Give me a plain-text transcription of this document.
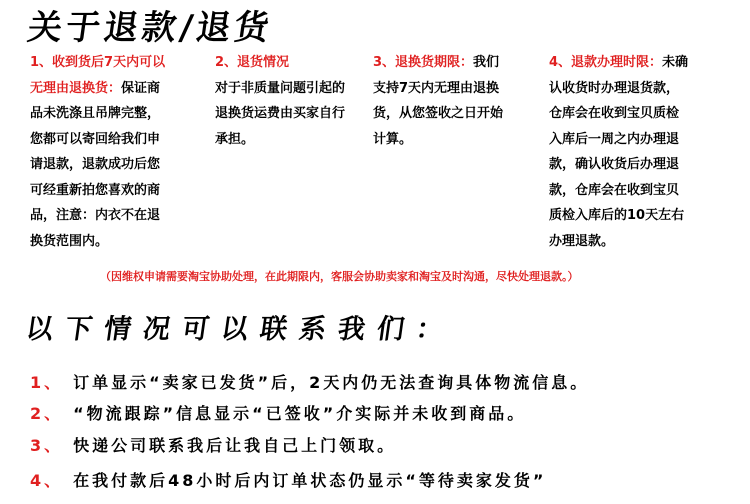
关于退款/退货
1、收到货后7天内可以无理由退换货：保证商品未洗涤且吊牌完整，您都可以寄回给我们申请退款，退款成功后您可经重新拍您喜欢的商品，注意：内衣不在退换货范围内。
2、退货情况
对于非质量问题引起的退换货运费由买家自行承担。
3、退换货期限：我们支持7天内无理由退换货，从您签收之日开始计算。
4、退款办理时限：未确认收货时办理退货款，仓库会在收到宝贝质检入库后一周之内办理退款，确认收货后办理退款，仓库会在收到宝贝质检入库后的10天左右办理退款。
（因维权申请需要淘宝协助处理，在此期限内，客服会协助卖家和淘宝及时沟通，尽快处理退款。）
以下情况可以联系我们：
1、 订单显示“卖家已发货”后，2天内仍无法查询具体物流信息。
2、 “物流跟踪”信息显示“已签收”介实际并未收到商品。
3、 快递公司联系我后让我自己上门领取。
4、 在我付款后48小时后内订单状态仍显示“等待卖家发货”
